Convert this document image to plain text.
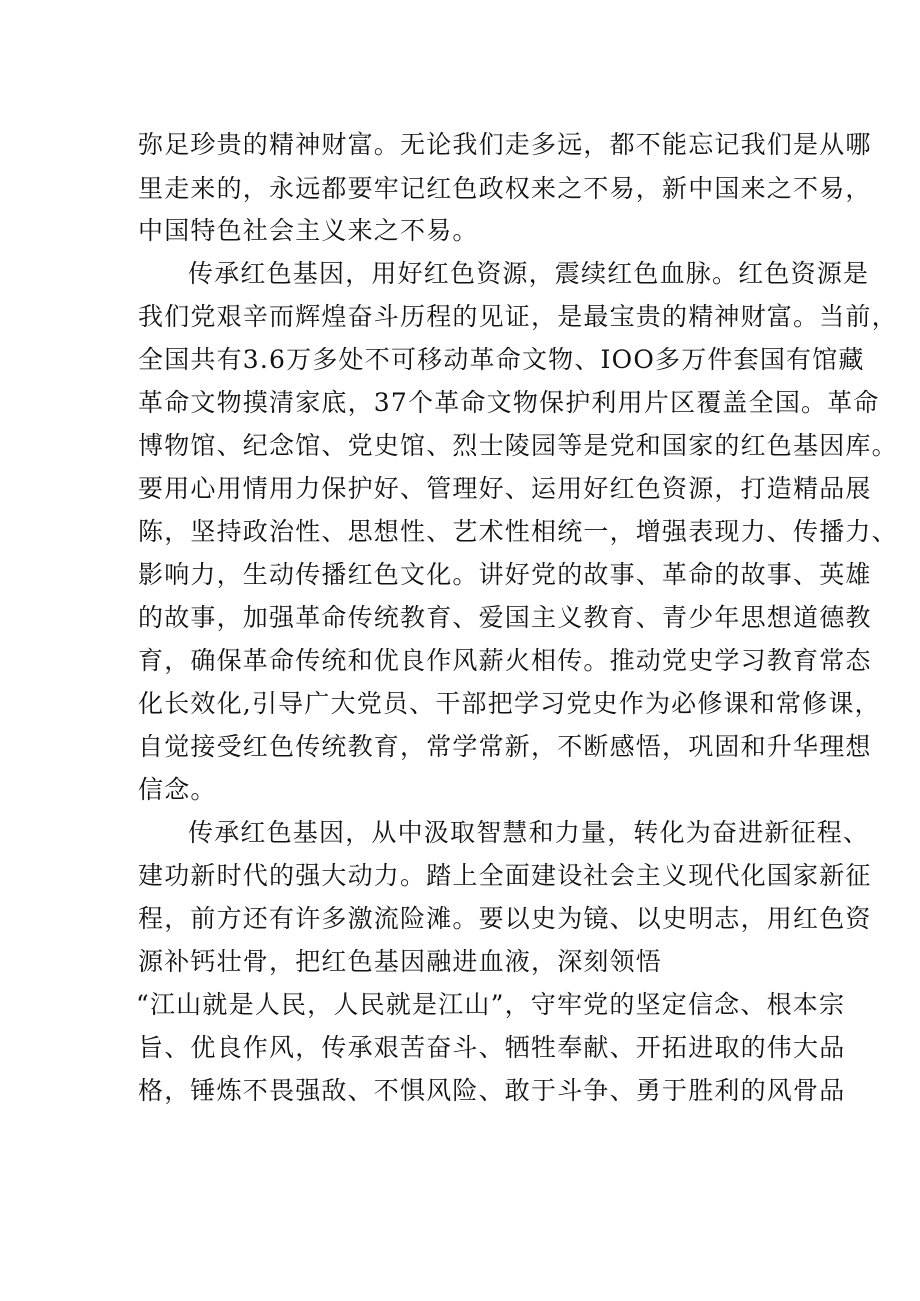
弥足珍贵的精神财富。无论我们走多远，都不能忘记我们是从哪
里走来的，永远都要牢记红色政权来之不易，新中国来之不易，
中国特色社会主义来之不易。
传承红色基因，用好红色资源，震续红色血脉。红色资源是
我们党艰辛而辉煌奋斗历程的见证，是最宝贵的精神财富。当前，
全国共有3.6万多处不可移动革命文物、IOO多万件套国有馆藏
革命文物摸清家底，37个革命文物保护利用片区覆盖全国。革命
博物馆、纪念馆、党史馆、烈士陵园等是党和国家的红色基因库。
要用心用情用力保护好、管理好、运用好红色资源，打造精品展
陈，坚持政治性、思想性、艺术性相统一，增强表现力、传播力、
影响力，生动传播红色文化。讲好党的故事、革命的故事、英雄
的故事，加强革命传统教育、爱国主义教育、青少年思想道德教
育，确保革命传统和优良作风薪火相传。推动党史学习教育常态
化长效化,引导广大党员、干部把学习党史作为必修课和常修课，
自觉接受红色传统教育，常学常新，不断感悟，巩固和升华理想
信念。
传承红色基因，从中汲取智慧和力量，转化为奋进新征程、
建功新时代的强大动力。踏上全面建设社会主义现代化国家新征
程，前方还有许多激流险滩。要以史为镜、以史明志，用红色资
源补钙壮骨，把红色基因融进血液，深刻领悟
“江山就是人民，人民就是江山”，守牢党的坚定信念、根本宗
旨、优良作风，传承艰苦奋斗、牺牲奉献、开拓进取的伟大品
格，锤炼不畏强敌、不惧风险、敢于斗争、勇于胜利的风骨品
